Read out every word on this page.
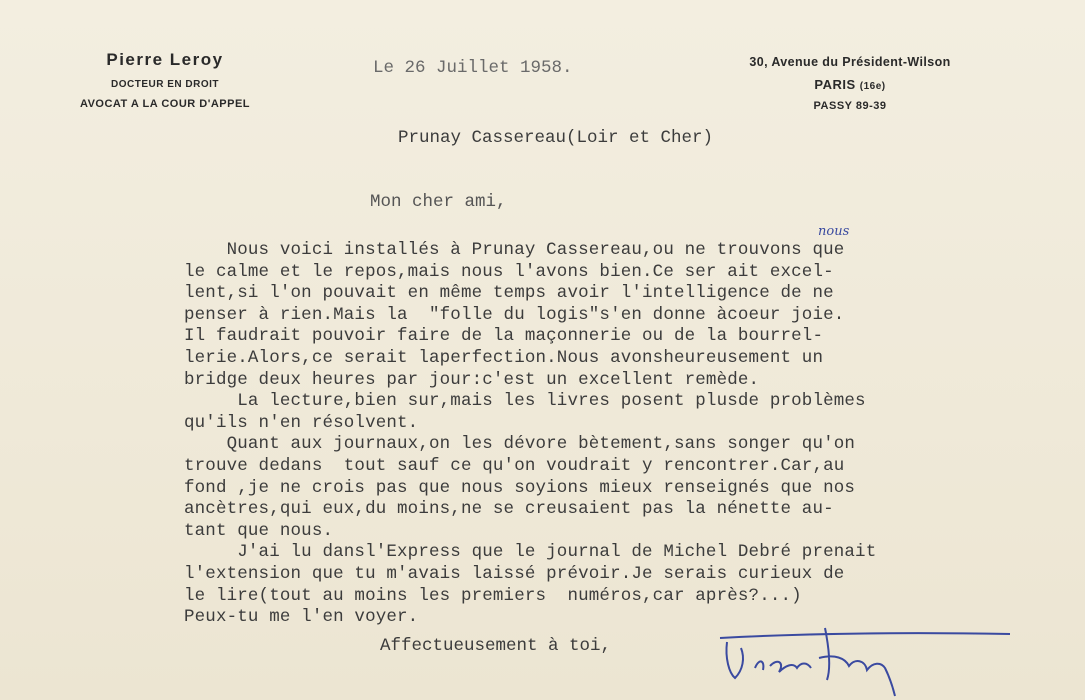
Pierre Leroy
DOCTEUR EN DROIT
AVOCAT A LA COUR D'APPEL
30, Avenue du Président-Wilson
PARIS (16e)
PASSY 89-39
Le 26 Juillet 1958.
Prunay Cassereau(Loir et Cher)
Mon cher ami,
nous
Nous voici installés à Prunay Cassereau,ou ne trouvons que
le calme et le repos,mais nous l'avons bien.Ce ser ait excel-
lent,si l'on pouvait en même temps avoir l'intelligence de ne
penser à rien.Mais la  "folle du logis"s'en donne àcoeur joie.
Il faudrait pouvoir faire de la maçonnerie ou de la bourrel-
lerie.Alors,ce serait laperfection.Nous avonsheureusement un
bridge deux heures par jour:c'est un excellent remède.
La lecture,bien sur,mais les livres posent plusde problèmes
qu'ils n'en résolvent.
Quant aux journaux,on les dévore bètement,sans songer qu'on
trouve dedans  tout sauf ce qu'on voudrait y rencontrer.Car,au
fond ,je ne crois pas que nous soyions mieux renseignés que nos
ancètres,qui eux,du moins,ne se creusaient pas la nénette au-
tant que nous.
J'ai lu dansl'Express que le journal de Michel Debré prenait
l'extension que tu m'avais laissé prévoir.Je serais curieux de
le lire(tout au moins les premiers  numéros,car après?...)
Peux-tu me l'en voyer.
Affectueusement à toi,
